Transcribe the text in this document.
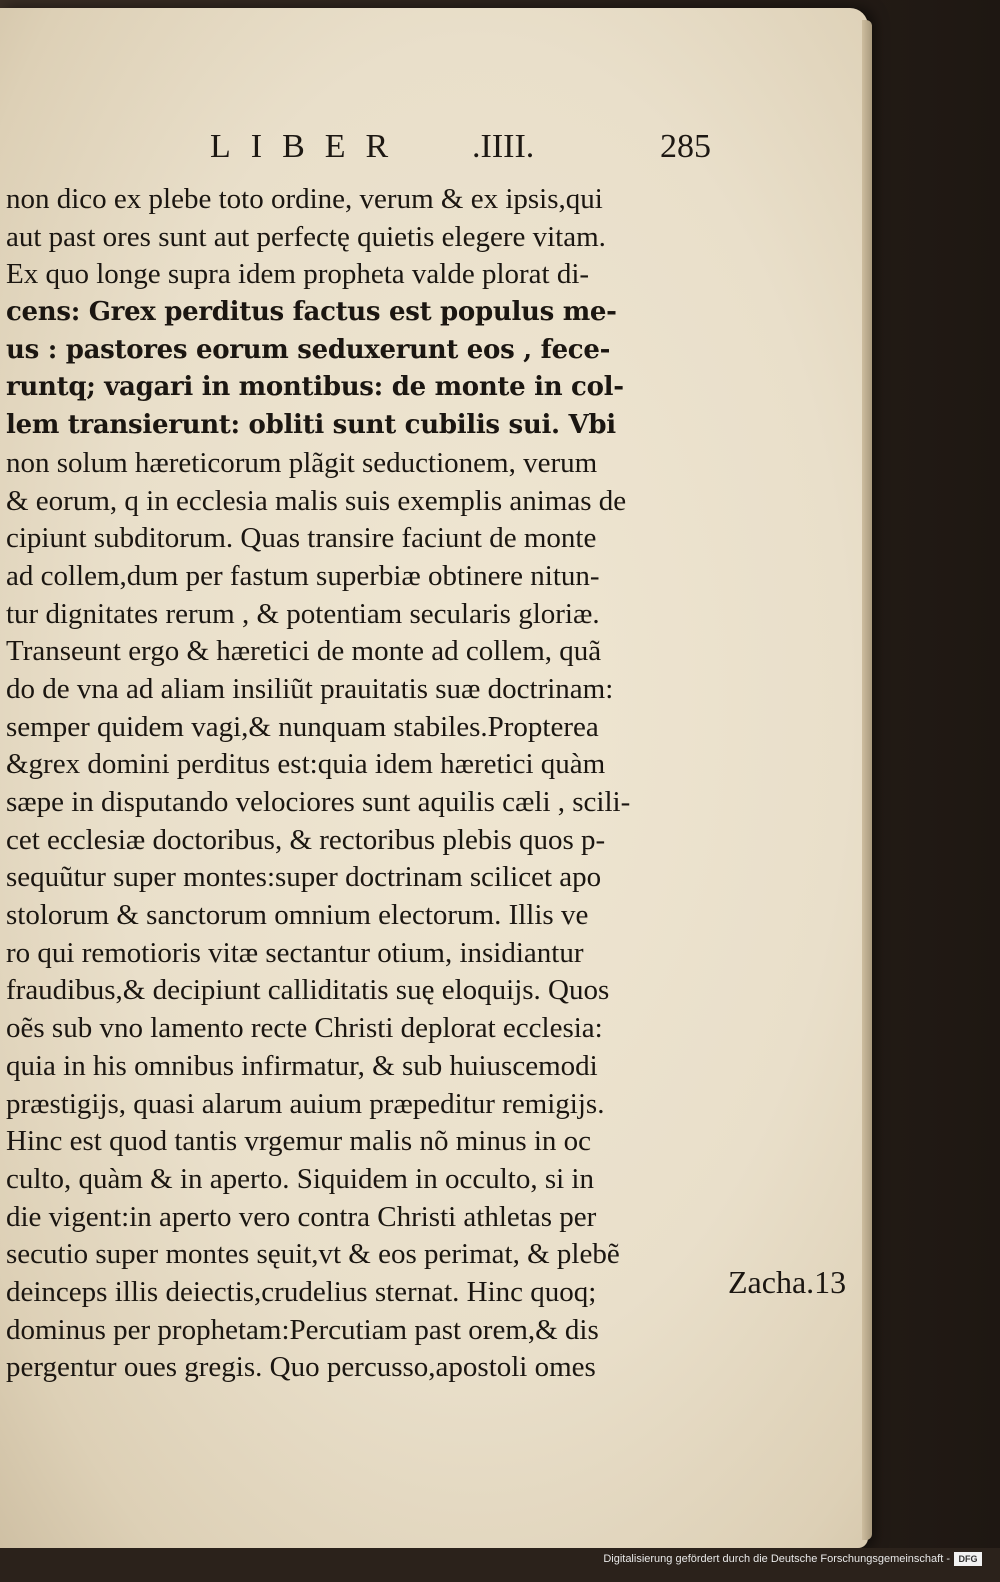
LIBER .IIII.	285
non dico ex plebe toto ordine, verum & ex ipsis,qui
aut past ores sunt aut perfectę quietis elegere vitam.
Ex quo longe supra idem propheta valde plorat di-
cens: Grex perditus factus est populus me-
us : pastores eorum seduxerunt eos , fece-
runtq; vagari in montibus: de monte in col-
lem transierunt: obliti sunt cubilis sui. Vbi
non solum hæreticorum plãgit seductionem, verum
& eorum, q in ecclesia malis suis exemplis animas de
cipiunt subditorum. Quas transire faciunt de monte
ad collem,dum per fastum superbiæ obtinere nitun-
tur dignitates rerum , & potentiam secularis gloriæ.
Transeunt ergo & hæretici de monte ad collem, quã
do de vna ad aliam insiliũt prauitatis suæ doctrinam:
semper quidem vagi,& nunquam stabiles.Propterea
&grex domini perditus est:quia idem hæretici quàm
sæpe in disputando velociores sunt aquilis cæli , scili-
cet ecclesiæ doctoribus, & rectoribus plebis quos p-
sequũtur super montes:super doctrinam scilicet apo
stolorum & sanctorum omnium electorum. Illis ve
ro qui remotioris vitæ sectantur otium, insidiantur
fraudibus,& decipiunt calliditatis suę eloquijs. Quos
oẽs sub vno lamento recte Christi deplorat ecclesia:
quia in his omnibus infirmatur, & sub huiuscemodi
præstigijs, quasi alarum auium præpeditur remigijs.
Hinc est quod tantis vrgemur malis nõ minus in oc
culto, quàm & in aperto. Siquidem in occulto, si in
die vigent:in aperto vero contra Christi athletas per
secutio super montes sęuit,vt & eos perimat, & plebẽ
deinceps illis deiectis,crudelius sternat. Hinc quoq;
dominus per prophetam:Percutiam past orem,& dis
pergentur oues gregis. Quo percusso,apostoli omes
Zacha.13
Digitalisierung gefördert durch die Deutsche Forschungsgemeinschaft - DFG
